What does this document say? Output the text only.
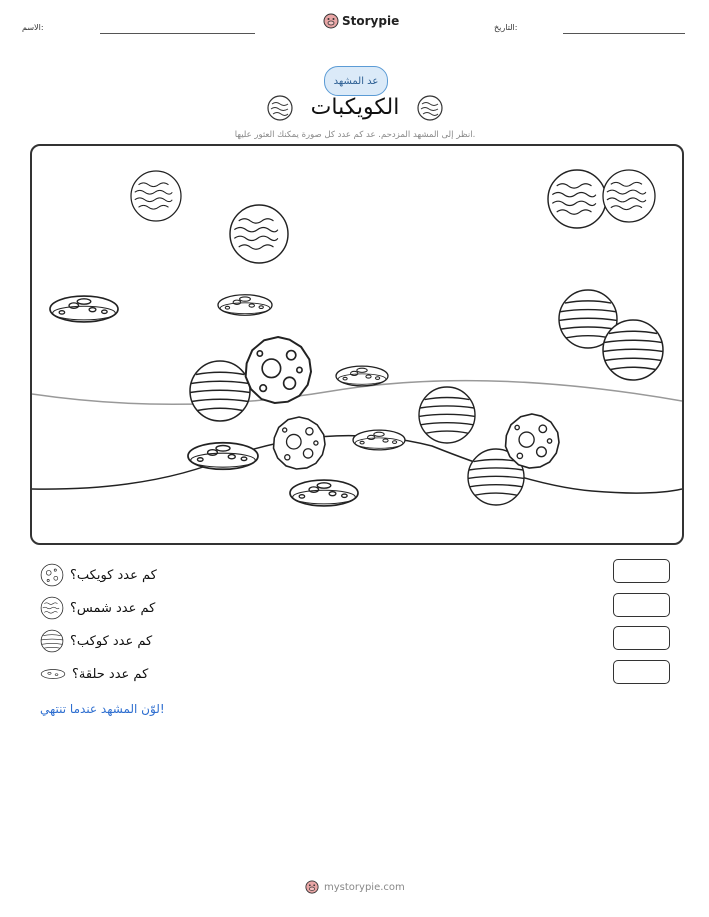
الاسم:	Storypie	التاريخ:
عد المشهد
الكويكبات
انظر إلى المشهد المزدحم. عد كم عدد كل صورة يمكنك العثور عليها.
كم عدد كويكب؟
كم عدد شمس؟
كم عدد كوكب؟
كم عدد حلقة؟
لوّن المشهد عندما تنتهي!
mystorypie.com
